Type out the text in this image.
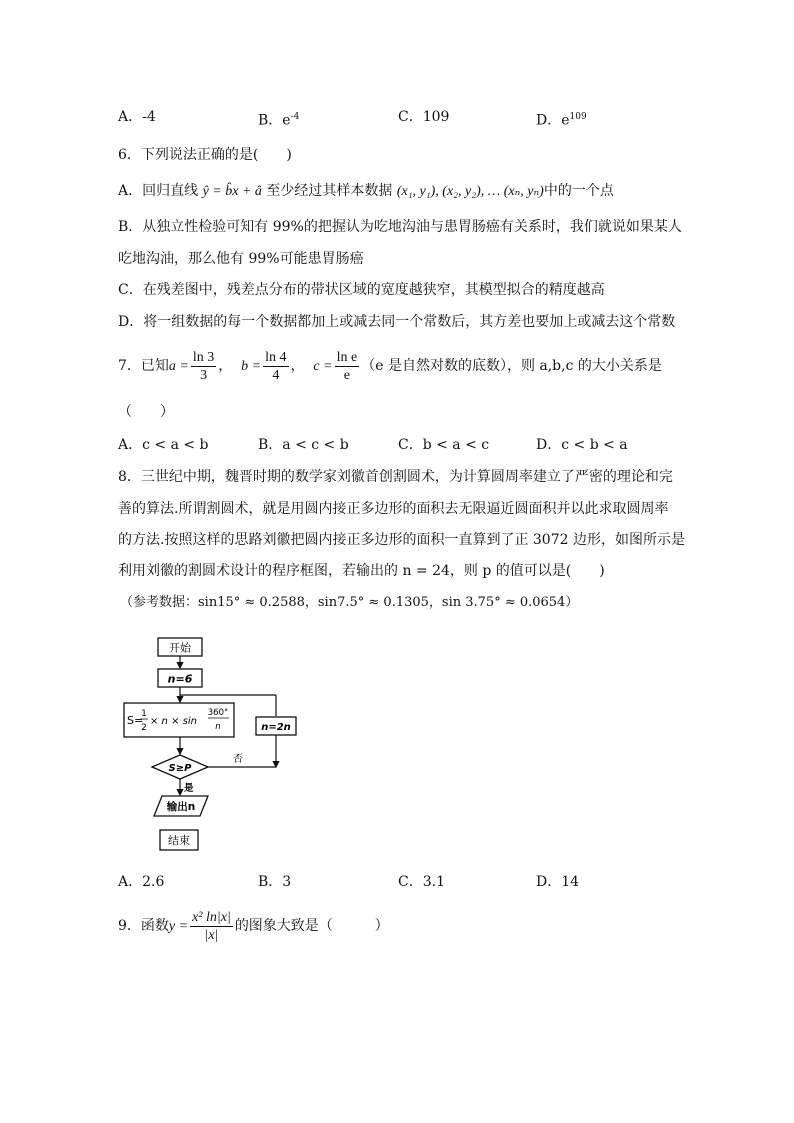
A．-4	B．$e^{-4}$	C．109	D．$e^{109}$
6．下列说法正确的是(　　)
A．回归直线 ŷ = b̂x + â 至少经过其样本数据 (x₁, y₁), (x₂, y₂), … (xₙ, yₙ)中的一个点
B．从独立性检验可知有 99%的把握认为吃地沟油与患胃肠癌有关系时，我们就说如果某人
吃地沟油，那么他有 99%可能患胃肠癌
C．在残差图中，残差点分布的带状区域的宽度越狭窄，其模型拟合的精度越高
D．将一组数据的每一个数据都加上或减去同一个常数后，其方差也要加上或减去这个常数
7．已知$a = \frac{\ln 3}{3}$ ，  $b = \frac{\ln 4}{4}$ ，  $c = \frac{\text{ln e}}{e} (e$ 是自然对数的底数），则 a,b,c 的大小关系是
（　　）
A．c < a < b	B．a < c < b	C．b < a < c	D．c < b < a
8．三世纪中期，魏晋时期的数学家刘徽首创割圆术，为计算圆周率建立了严密的理论和完
善的算法.所谓割圆术，就是用圆内接正多边形的面积去无限逼近圆面积并以此求取圆周率
的方法.按照这样的思路刘徽把圆内接正多边形的面积一直算到了正 3072 边形，如图所示是
利用刘徽的割圆术设计的程序框图，若输出的 n = 24，则 p 的值可以是(　　)
（参考数据：sin15° ≈ 0.2588，sin7.5° ≈ 0.1305，sin 3.75° ≈ 0.0654）
开始
n=6
S=
1
2
× n × sin
360°
n	n=2n
S≥P
否
是
输出n
结束
A．2.6	B．3	C．3.1	D．14
9．函数$y = \frac{\text{x² ln|x|}}{|x|}$ 的图象大致是（　　　）
